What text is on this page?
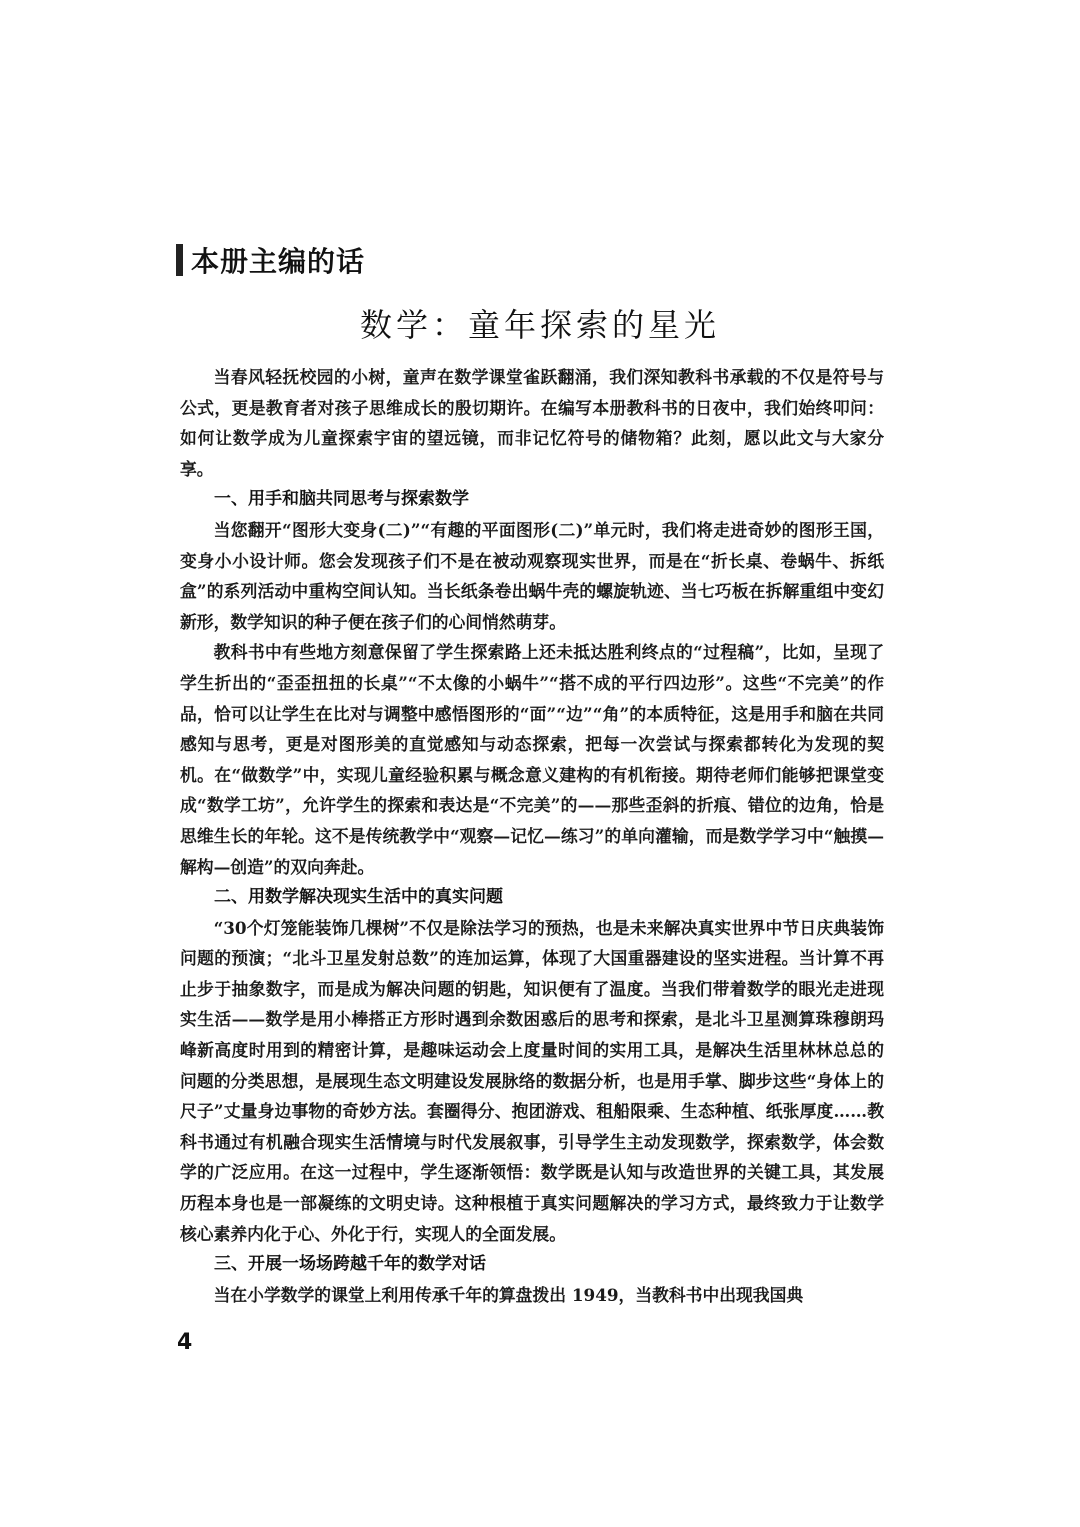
本册主编的话
数学：童年探索的星光

当春风轻抚校园的小树，童声在数学课堂雀跃翻涌，我们深知教科书承载的不仅是符号与公式，更是教育者对孩子思维成长的殷切期许。在编写本册教科书的日夜中，我们始终叩问：如何让数学成为儿童探索宇宙的望远镜，而非记忆符号的储物箱？此刻，愿以此文与大家分享。

一、用手和脑共同思考与探索数学

当您翻开“图形大变身(二)”“有趣的平面图形(二)”单元时，我们将走进奇妙的图形王国，变身小小设计师。您会发现孩子们不是在被动观察现实世界，而是在“折长桌、卷蜗牛、拆纸盒”的系列活动中重构空间认知。当长纸条卷出蜗牛壳的螺旋轨迹、当七巧板在拆解重组中变幻新形，数学知识的种子便在孩子们的心间悄然萌芽。

教科书中有些地方刻意保留了学生探索路上还未抵达胜利终点的“过程稿”，比如，呈现了学生折出的“歪歪扭扭的长桌”“不太像的小蜗牛”“搭不成的平行四边形”。这些“不完美”的作品，恰可以让学生在比对与调整中感悟图形的“面”“边”“角”的本质特征，这是用手和脑在共同感知与思考，更是对图形美的直觉感知与动态探索，把每一次尝试与探索都转化为发现的契机。在“做数学”中，实现儿童经验积累与概念意义建构的有机衔接。期待老师们能够把课堂变成“数学工坊”，允许学生的探索和表达是“不完美”的——那些歪斜的折痕、错位的边角，恰是思维生长的年轮。这不是传统教学中“观察—记忆—练习”的单向灌输，而是数学学习中“触摸—解构—创造”的双向奔赴。

二、用数学解决现实生活中的真实问题

“30个灯笼能装饰几棵树”不仅是除法学习的预热，也是未来解决真实世界中节日庆典装饰问题的预演；“北斗卫星发射总数”的连加运算，体现了大国重器建设的坚实进程。当计算不再止步于抽象数字，而是成为解决问题的钥匙，知识便有了温度。当我们带着数学的眼光走进现实生活——数学是用小棒搭正方形时遇到余数困惑后的思考和探索，是北斗卫星测算珠穆朗玛峰新高度时用到的精密计算，是趣味运动会上度量时间的实用工具，是解决生活里林林总总的问题的分类思想，是展现生态文明建设发展脉络的数据分析，也是用手掌、脚步这些“身体上的尺子”丈量身边事物的奇妙方法。套圈得分、抱团游戏、租船限乘、生态种植、纸张厚度……教科书通过有机融合现实生活情境与时代发展叙事，引导学生主动发现数学，探索数学，体会数学的广泛应用。在这一过程中，学生逐渐领悟：数学既是认知与改造世界的关键工具，其发展历程本身也是一部凝练的文明史诗。这种根植于真实问题解决的学习方式，最终致力于让数学核心素养内化于心、外化于行，实现人的全面发展。

三、开展一场场跨越千年的数学对话

当在小学数学的课堂上利用传承千年的算盘拨出 1949，当教科书中出现我国典

4
